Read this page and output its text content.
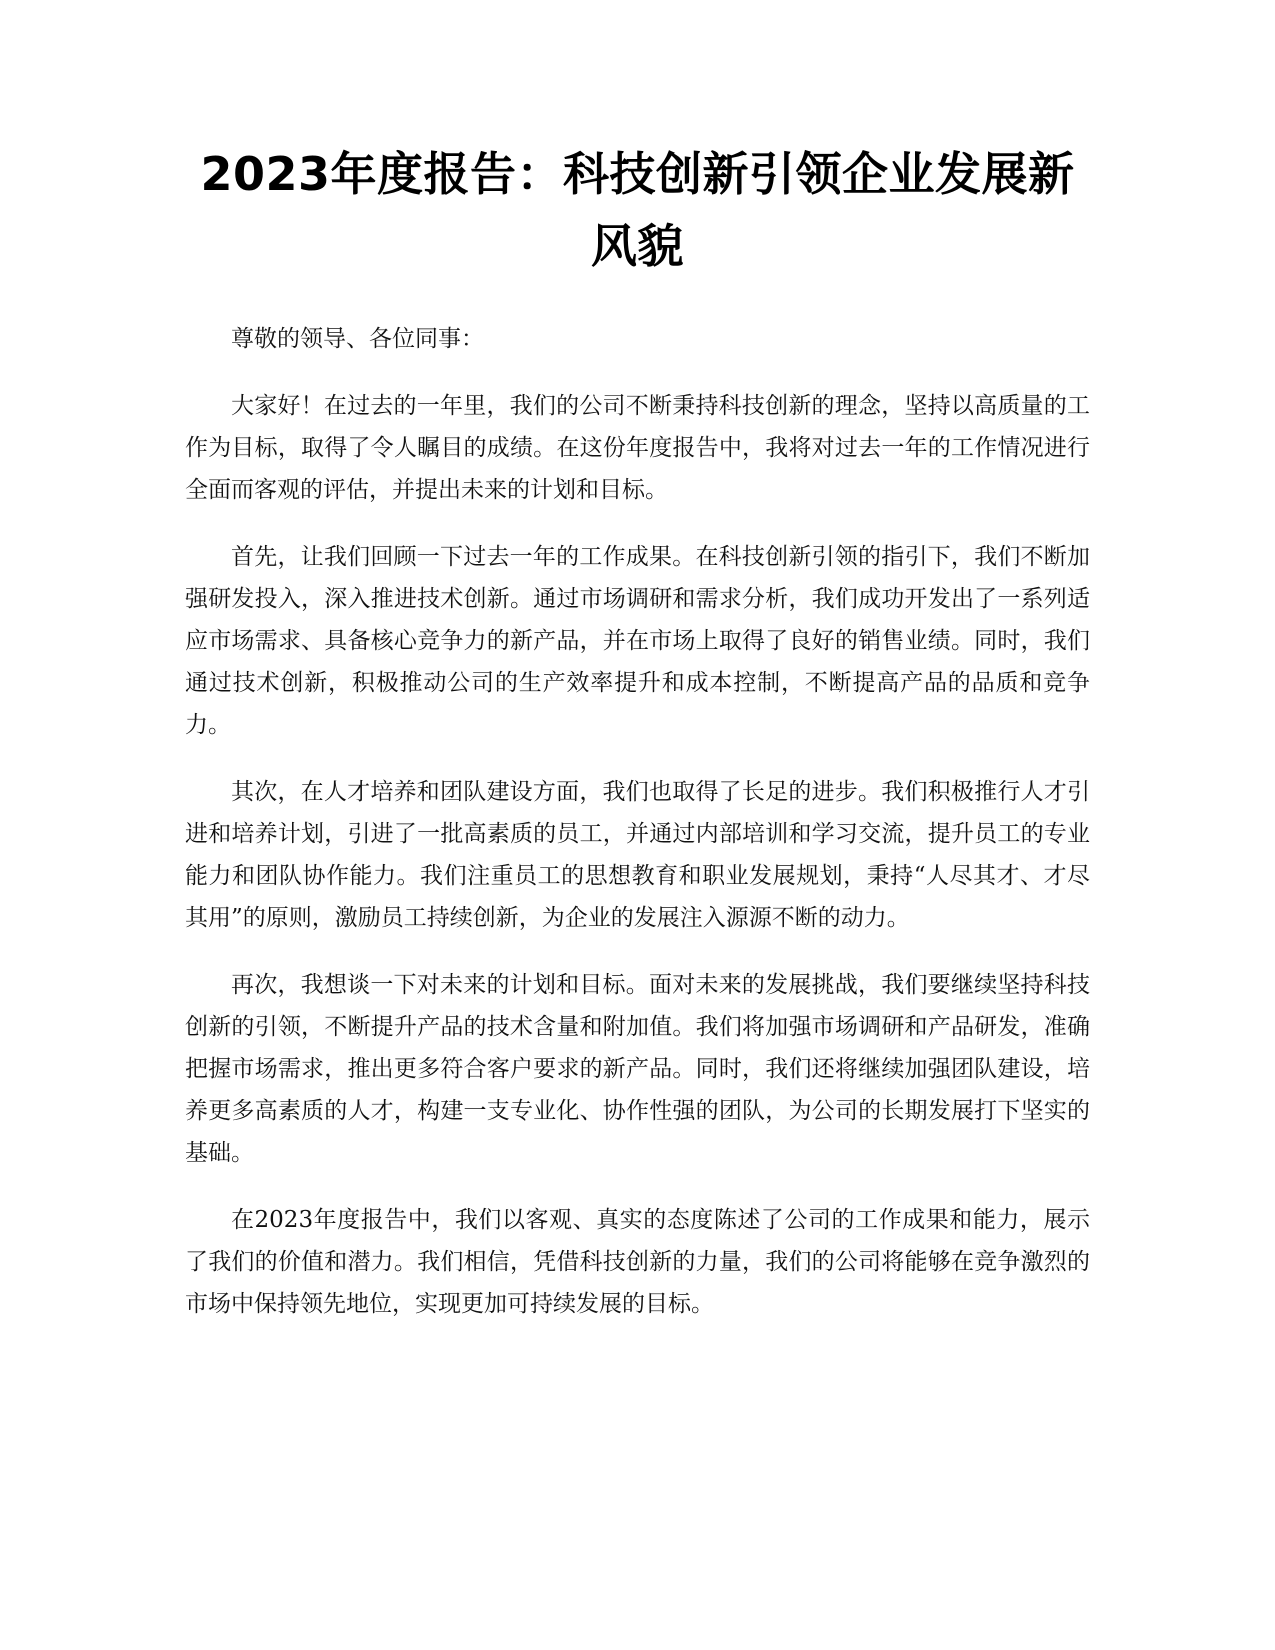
2023年度报告：科技创新引领企业发展新风貌

尊敬的领导、各位同事：

大家好！在过去的一年里，我们的公司不断秉持科技创新的理念，坚持以高质量的工作为目标，取得了令人瞩目的成绩。在这份年度报告中，我将对过去一年的工作情况进行全面而客观的评估，并提出未来的计划和目标。

首先，让我们回顾一下过去一年的工作成果。在科技创新引领的指引下，我们不断加强研发投入，深入推进技术创新。通过市场调研和需求分析，我们成功开发出了一系列适应市场需求、具备核心竞争力的新产品，并在市场上取得了良好的销售业绩。同时，我们通过技术创新，积极推动公司的生产效率提升和成本控制，不断提高产品的品质和竞争力。

其次，在人才培养和团队建设方面，我们也取得了长足的进步。我们积极推行人才引进和培养计划，引进了一批高素质的员工，并通过内部培训和学习交流，提升员工的专业能力和团队协作能力。我们注重员工的思想教育和职业发展规划，秉持“人尽其才、才尽其用”的原则，激励员工持续创新，为企业的发展注入源源不断的动力。

再次，我想谈一下对未来的计划和目标。面对未来的发展挑战，我们要继续坚持科技创新的引领，不断提升产品的技术含量和附加值。我们将加强市场调研和产品研发，准确把握市场需求，推出更多符合客户要求的新产品。同时，我们还将继续加强团队建设，培养更多高素质的人才，构建一支专业化、协作性强的团队，为公司的长期发展打下坚实的基础。

在2023年度报告中，我们以客观、真实的态度陈述了公司的工作成果和能力，展示了我们的价值和潜力。我们相信，凭借科技创新的力量，我们的公司将能够在竞争激烈的市场中保持领先地位，实现更加可持续发展的目标。
